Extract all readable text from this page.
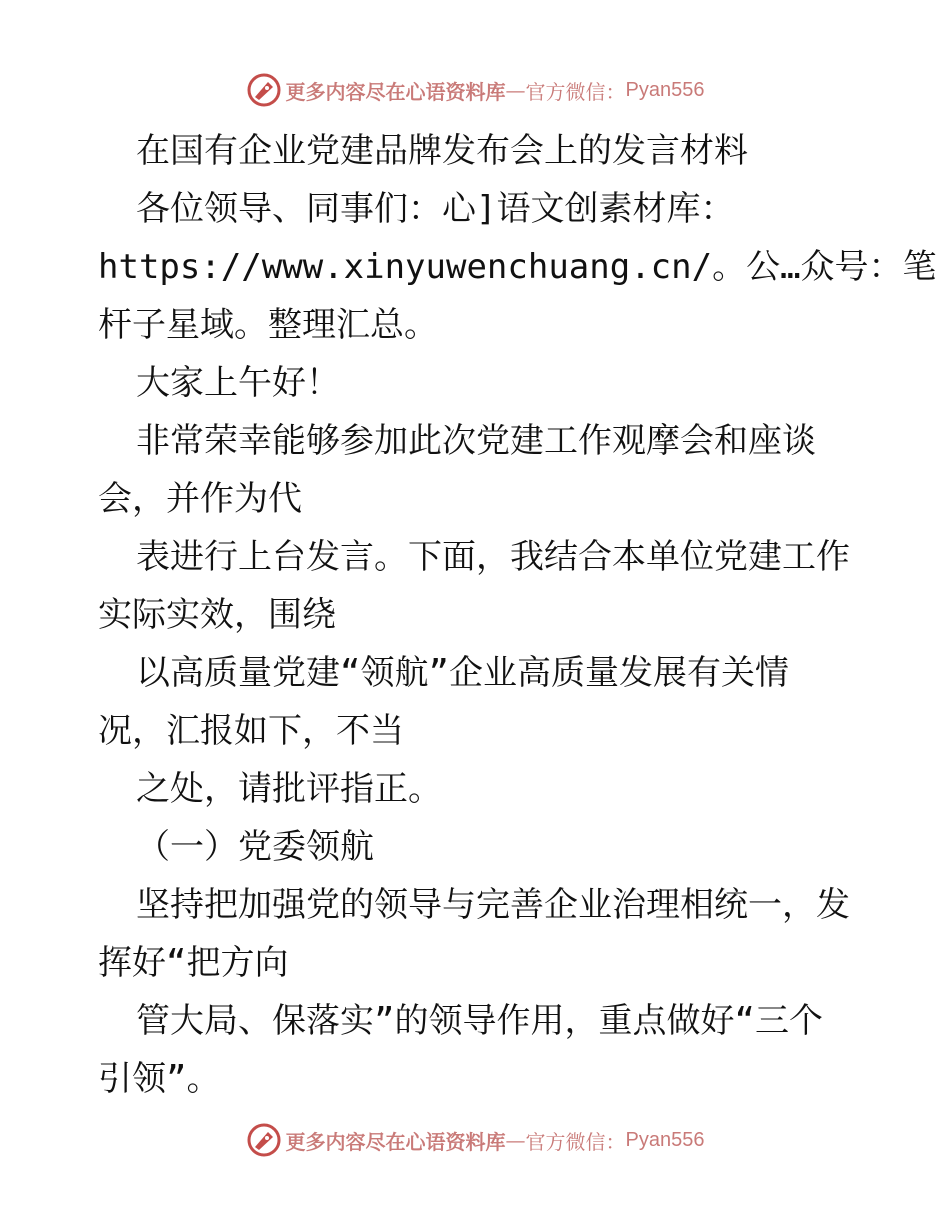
更多内容尽在心语资料库 — 官方微信： Pyan556
在国有企业党建品牌发布会上的发言材料
各位领导、同事们：心]语文创素材库：
https://www.xinyuwenchuang.cn/。公…众号：笔
杆子星域。整理汇总。
大家上午好！
非常荣幸能够参加此次党建工作观摩会和座谈
会，并作为代
表进行上台发言。下面，我结合本单位党建工作
实际实效，围绕
以高质量党建“领航”企业高质量发展有关情
况，汇报如下，不当
之处，请批评指正。
（一）党委领航
坚持把加强党的领导与完善企业治理相统一，发
挥好“把方向
管大局、保落实”的领导作用，重点做好“三个
引领”。
更多内容尽在心语资料库 — 官方微信： Pyan556
